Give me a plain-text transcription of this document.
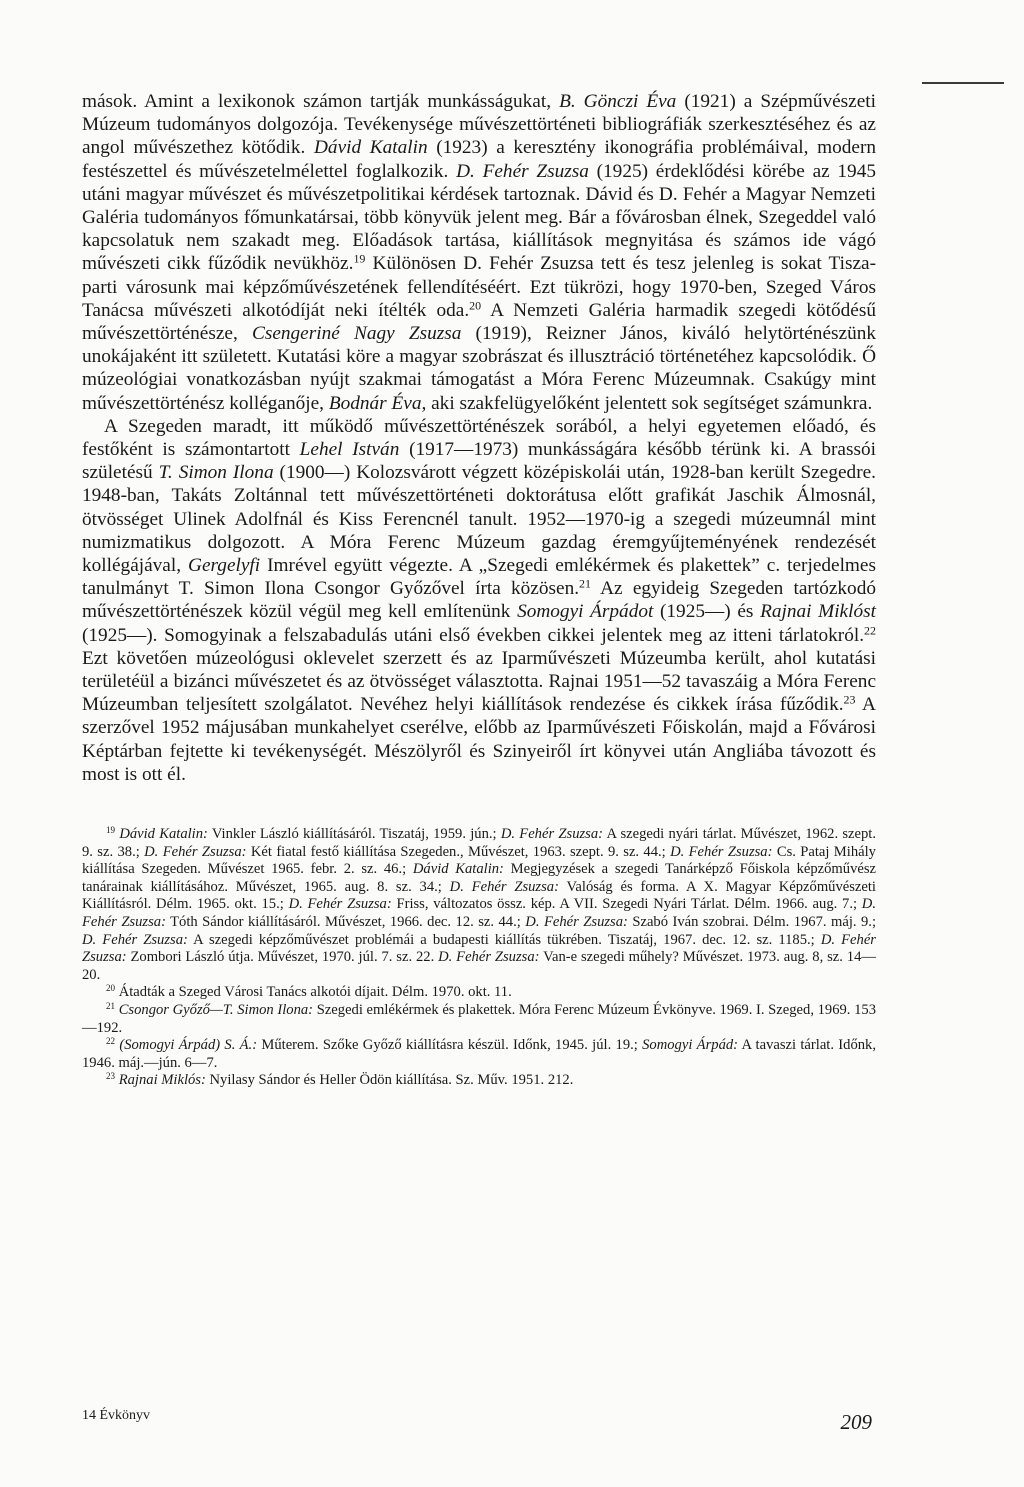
mások. Amint a lexikonok számon tartják munkásságukat, B. Gönczi Éva (1921) a Szépművészeti Múzeum tudományos dolgozója. Tevékenysége művészettörténeti bibliográfiák szerkesztéséhez és az angol művészethez kötődik. Dávid Katalin (1923) a keresztény ikonográfia problémáival, modern festészettel és művészetelmélettel foglalkozik. D. Fehér Zsuzsa (1925) érdeklődési körébe az 1945 utáni magyar művészet és művészetpolitikai kérdések tartoznak. Dávid és D. Fehér a Magyar Nemzeti Galéria tudományos főmunkatársai, több könyvük jelent meg. Bár a fővárosban élnek, Szegeddel való kapcsolatuk nem szakadt meg. Előadások tartása, kiállítások megnyitása és számos ide vágó művészeti cikk fűződik nevükhöz.$^{19}$ Különösen D. Fehér Zsuzsa tett és tesz jelenleg is sokat Tisza-parti városunk mai képzőművészetének fellendítéséért. Ezt tükrözi, hogy 1970-ben, Szeged Város Tanácsa művészeti alkotódíját neki ítélték oda.$^{20}$ A Nemzeti Galéria harmadik szegedi kötődésű művészettörténésze, Csengeriné Nagy Zsuzsa (1919), Reizner János, kiváló helytörténészünk unokájaként itt született. Kutatási köre a magyar szobrászat és illusztráció történetéhez kapcsolódik. Ő múzeológiai vonatkozásban nyújt szakmai támogatást a Móra Ferenc Múzeumnak. Csakúgy mint művészettörténész kolléganője, Bodnár Éva, aki szakfelügyelőként jelentett sok segítséget számunkra.

A Szegeden maradt, itt működő művészettörténészek sorából, a helyi egyetemen előadó, és festőként is számontartott Lehel István (1917—1973) munkásságára később térünk ki. A brassói születésű T. Simon Ilona (1900—) Kolozsvárott végzett középiskolái után, 1928-ban került Szegedre. 1948-ban, Takáts Zoltánnal tett művészettörténeti doktorátusa előtt grafikát Jaschik Álmosnál, ötvösséget Ulinek Adolfnál és Kiss Ferencnél tanult. 1952—1970-ig a szegedi múzeumnál mint numizmatikus dolgozott. A Móra Ferenc Múzeum gazdag éremgyűjteményének rendezését kollégájával, Gergelyfi Imrével együtt végezte. A „Szegedi emlékérmek és plakettek” c. terjedelmes tanulmányt T. Simon Ilona Csongor Győzővel írta közösen.$^{21}$ Az egyideig Szegeden tartózkodó művészettörténészek közül végül meg kell említenünk Somogyi Árpádot (1925—) és Rajnai Miklóst (1925—). Somogyinak a felszabadulás utáni első években cikkei jelentek meg az itteni tárlatokról.$^{22}$ Ezt követően múzeológusi oklevelet szerzett és az Iparművészeti Múzeumba került, ahol kutatási területéül a bizánci művészetet és az ötvösséget választotta. Rajnai 1951—52 tavaszáig a Móra Ferenc Múzeumban teljesített szolgálatot. Nevéhez helyi kiállítások rendezése és cikkek írása fűződik.$^{23}$ A szerzővel 1952 májusában munkahelyet cserélve, előbb az Iparművészeti Főiskolán, majd a Fővárosi Képtárban fejtette ki tevékenységét. Mészölyről és Szinyeiről írt könyvei után Angliába távozott és most is ott él.

$^{19}$ Dávid Katalin: Vinkler László kiállításáról. Tiszatáj, 1959. jún.; D. Fehér Zsuzsa: A szegedi nyári tárlat. Művészet, 1962. szept. 9. sz. 38.; D. Fehér Zsuzsa: Két fiatal festő kiállítása Szegeden., Művészet, 1963. szept. 9. sz. 44.; D. Fehér Zsuzsa: Cs. Pataj Mihály kiállítása Szegeden. Művészet 1965. febr. 2. sz. 46.; Dávid Katalin: Megjegyzések a szegedi Tanárképző Főiskola képzőművész tanárainak kiállításához. Művészet, 1965. aug. 8. sz. 34.; D. Fehér Zsuzsa: Valóság és forma. A X. Magyar Képzőművészeti Kiállításról. Délm. 1965. okt. 15.; D. Fehér Zsuzsa: Friss, változatos össz. kép. A VII. Szegedi Nyári Tárlat. Délm. 1966. aug. 7.; D. Fehér Zsuzsa: Tóth Sándor kiállításáról. Művészet, 1966. dec. 12. sz. 44.; D. Fehér Zsuzsa: Szabó Iván szobrai. Délm. 1967. máj. 9.; D. Fehér Zsuzsa: A szegedi képzőművészet problémái a budapesti kiállítás tükrében. Tiszatáj, 1967. dec. 12. sz. 1185.; D. Fehér Zsuzsa: Zombori László útja. Művészet, 1970. júl. 7. sz. 22. D. Fehér Zsuzsa: Van-e szegedi műhely? Művészet. 1973. aug. 8, sz. 14—20.

$^{20}$ Átadták a Szeged Városi Tanács alkotói díjait. Délm. 1970. okt. 11.

$^{21}$ Csongor Győző—T. Simon Ilona: Szegedi emlékérmek és plakettek. Móra Ferenc Múzeum Évkönyve. 1969. I. Szeged, 1969. 153—192.

$^{22}$ (Somogyi Árpád) S. Á.: Műterem. Szőke Győző kiállításra készül. Időnk, 1945. júl. 19.; Somogyi Árpád: A tavaszi tárlat. Időnk, 1946. máj.—jún. 6—7.

$^{23}$ Rajnai Miklós: Nyilasy Sándor és Heller Ödön kiállítása. Sz. Műv. 1951. 212.

14 Évkönyv	209
